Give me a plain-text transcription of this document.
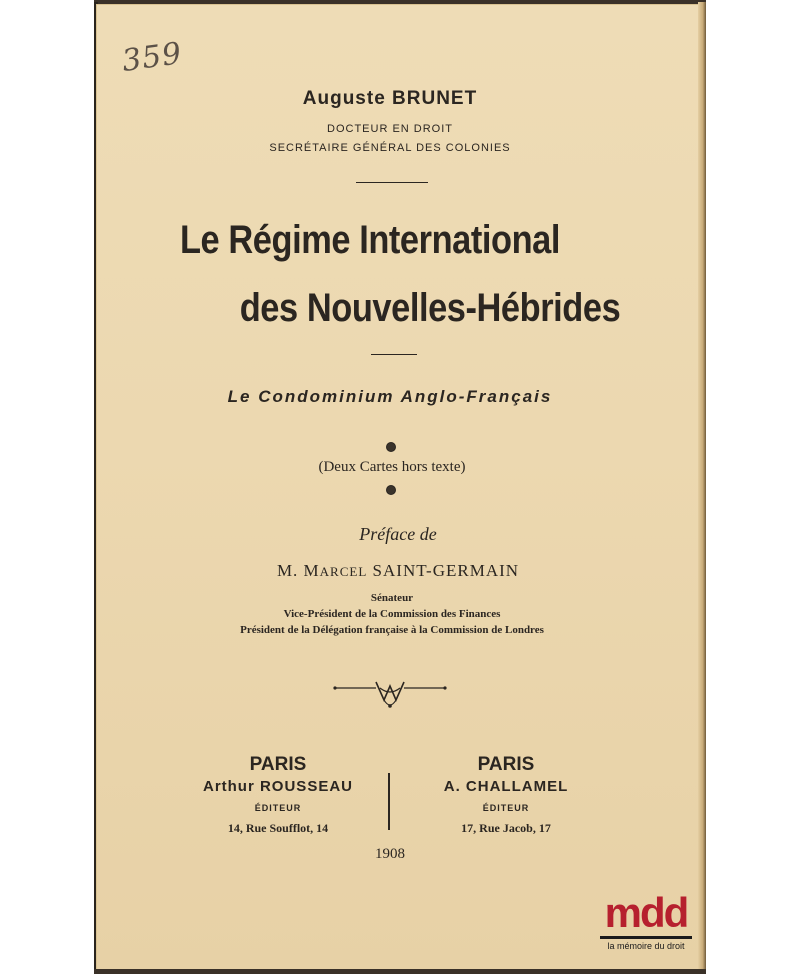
359
Auguste BRUNET
DOCTEUR EN DROIT
SECRÉTAIRE GÉNÉRAL DES COLONIES
Le Régime International
des Nouvelles-Hébrides
Le Condominium Anglo-Français
(Deux Cartes hors texte)
Préface de
M. MARCEL SAINT-GERMAIN
Sénateur
Vice-Président de la Commission des Finances
Président de la Délégation française à la Commission de Londres
PARIS
Arthur ROUSSEAU
ÉDITEUR
14, Rue Soufflot, 14
PARIS
A. CHALLAMEL
ÉDITEUR
17, Rue Jacob, 17
1908
mdd
la mémoire du droit
